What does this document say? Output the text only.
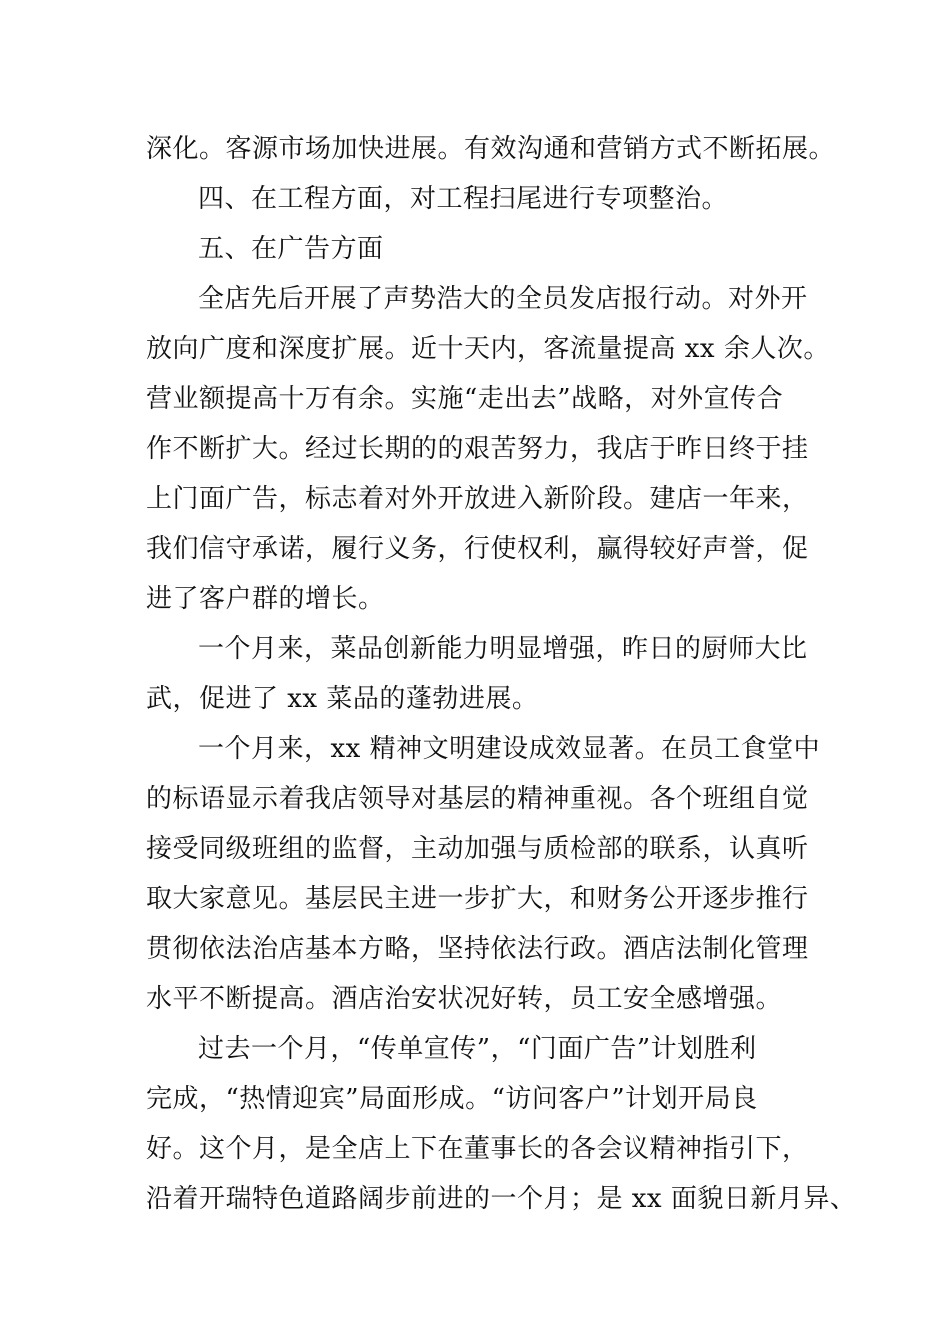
深化。客源市场加快进展。有效沟通和营销方式不断拓展。
四、在工程方面，对工程扫尾进行专项整治。
五、在广告方面
全店先后开展了声势浩大的全员发店报行动。对外开
放向广度和深度扩展。近十天内，客流量提高 xx 余人次。
营业额提高十万有余。实施“走出去”战略，对外宣传合
作不断扩大。经过长期的的艰苦努力，我店于昨日终于挂
上门面广告，标志着对外开放进入新阶段。建店一年来，
我们信守承诺，履行义务，行使权利，赢得较好声誉，促
进了客户群的增长。
一个月来，菜品创新能力明显增强，昨日的厨师大比
武，促进了 xx 菜品的蓬勃进展。
一个月来，xx 精神文明建设成效显著。在员工食堂中
的标语显示着我店领导对基层的精神重视。各个班组自觉
接受同级班组的监督，主动加强与质检部的联系，认真听
取大家意见。基层民主进一步扩大，和财务公开逐步推行
贯彻依法治店基本方略，坚持依法行政。酒店法制化管理
水平不断提高。酒店治安状况好转，员工安全感增强。
过去一个月，“传单宣传”，“门面广告”计划胜利
完成，“热情迎宾”局面形成。“访问客户”计划开局良
好。这个月，是全店上下在董事长的各会议精神指引下，
沿着开瑞特色道路阔步前进的一个月；是 xx 面貌日新月异、
